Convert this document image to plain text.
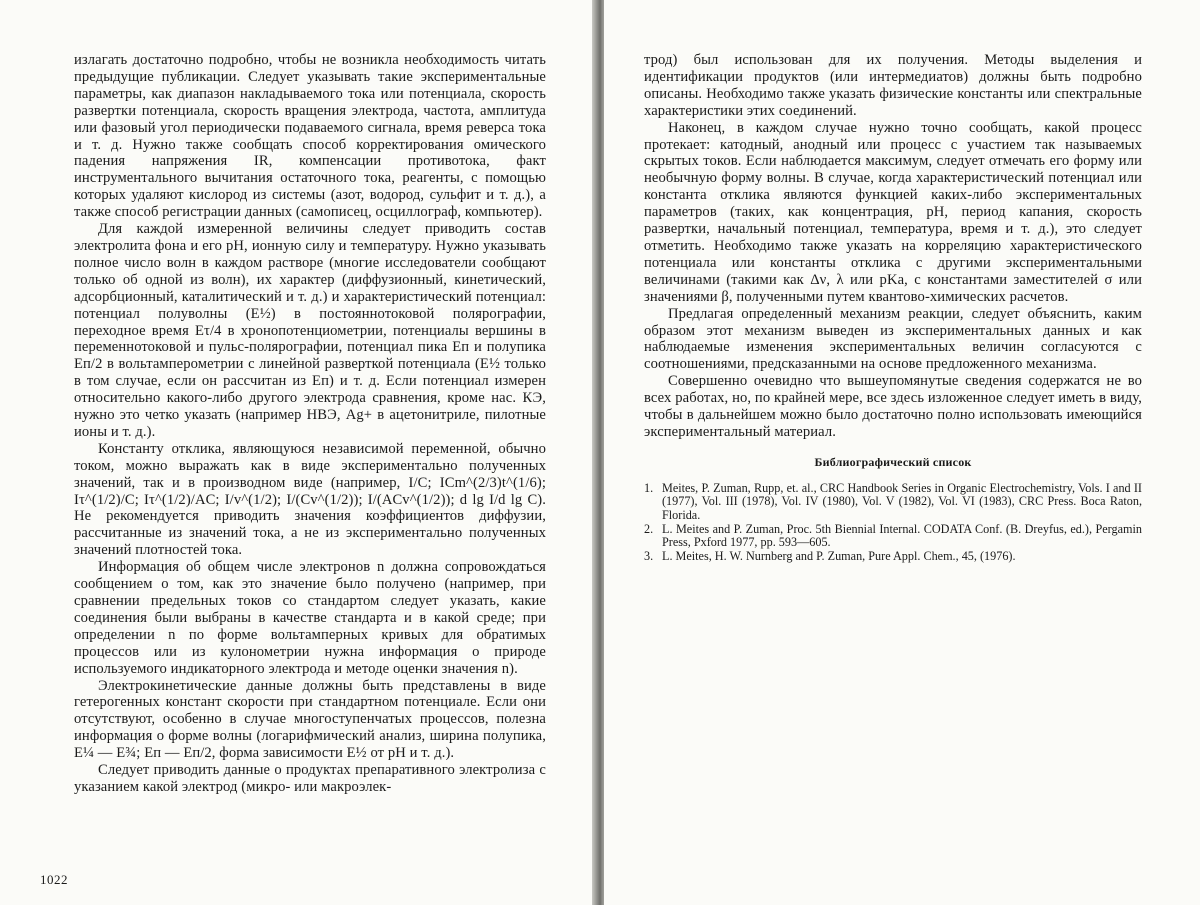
излагать достаточно подробно, чтобы не возникла необходимость читать предыдущие публикации. Следует указывать такие экспериментальные параметры, как диапазон накладываемого тока или потенциала, скорость развертки потенциала, скорость вращения электрода, частота, амплитуда или фазовый угол периодически подаваемого сигнала, время реверса тока и т. д. Нужно также сообщать способ корректирования омического падения напряжения IR, компенсации противотока, факт инструментального вычитания остаточного тока, реагенты, с помощью которых удаляют кислород из системы (азот, водород, сульфит и т. д.), а также способ регистрации данных (самописец, осциллограф, компьютер).

Для каждой измеренной величины следует приводить состав электролита фона и его pH, ионную силу и температуру. Нужно указывать полное число волн в каждом растворе (многие исследователи сообщают только об одной из волн), их характер (диффузионный, кинетический, адсорбционный, каталитический и т. д.) и характеристический потенциал: потенциал полуволны (E½) в постояннотоковой полярографии, переходное время Eτ/4 в хронопотенциометрии, потенциалы вершины в переменнотоковой и пульс-полярографии, потенциал пика Eп и полупика Eп/2 в вольтамперометрии с линейной разверткой потенциала (E½ только в том случае, если он рассчитан из Eп) и т. д. Если потенциал измерен относительно какого-либо другого электрода сравнения, кроме нас. КЭ, нужно это четко указать (например НВЭ, Ag+ в ацетонитриле, пилотные ионы и т. д.).

Константу отклика, являющуюся независимой переменной, обычно током, можно выражать как в виде экспериментально полученных значений, так и в производном виде (например, I/C; ICm^(2/3)t^(1/6); Iτ^(1/2)/C; Iτ^(1/2)/AC; I/v^(1/2); I/(Cv^(1/2)); I/(ACv^(1/2)); d lg I/d lg C). Не рекомендуется приводить значения коэффициентов диффузии, рассчитанные из значений тока, а не из экспериментально полученных значений плотностей тока.

Информация об общем числе электронов n должна сопровождаться сообщением о том, как это значение было получено (например, при сравнении предельных токов со стандартом следует указать, какие соединения были выбраны в качестве стандарта и в какой среде; при определении n по форме вольтамперных кривых для обратимых процессов или из кулонометрии нужна информация о природе используемого индикаторного электрода и методе оценки значения n).

Электрокинетические данные должны быть представлены в виде гетерогенных констант скорости при стандартном потенциале. Если они отсутствуют, особенно в случае многоступенчатых процессов, полезна информация о форме волны (логарифмический анализ, ширина полупика, E¼ — E¾; Eп — Eп/2, форма зависимости E½ от pH и т. д.).

Следует приводить данные о продуктах препаративного электролиза с указанием какой электрод (микро- или макроэлек-

1022

трод) был использован для их получения. Методы выделения и идентификации продуктов (или интермедиатов) должны быть подробно описаны. Необходимо также указать физические константы или спектральные характеристики этих соединений.

Наконец, в каждом случае нужно точно сообщать, какой процесс протекает: катодный, анодный или процесс с участием так называемых скрытых токов. Если наблюдается максимум, следует отмечать его форму или необычную форму волны. В случае, когда характеристический потенциал или константа отклика являются функцией каких-либо экспериментальных параметров (таких, как концентрация, pH, период капания, скорость развертки, начальный потенциал, температура, время и т. д.), это следует отметить. Необходимо также указать на корреляцию характеристического потенциала или константы отклика с другими экспериментальными величинами (такими как Δν, λ или pKa, с константами заместителей σ или значениями β, полученными путем квантово-химических расчетов.

Предлагая определенный механизм реакции, следует объяснить, каким образом этот механизм выведен из экспериментальных данных и как наблюдаемые изменения экспериментальных величин согласуются с соотношениями, предсказанными на основе предложенного механизма.

Совершенно очевидно что вышеупомянутые сведения содержатся не во всех работах, но, по крайней мере, все здесь изложенное следует иметь в виду, чтобы в дальнейшем можно было достаточно полно использовать имеющийся экспериментальный материал.

Библиографический список
1. Meites, P. Zuman, Rupp, et. al., CRC Handbook Series in Organic Electrochemistry, Vols. I and II (1977), Vol. III (1978), Vol. IV (1980), Vol. V (1982), Vol. VI (1983), CRC Press. Boca Raton, Florida.
2. L. Meites and P. Zuman, Proc. 5th Biennial Internal. CODATA Conf. (B. Dreyfus, ed.), Pergamin Press, Pxford 1977, pp. 593—605.
3. L. Meites, H. W. Nurnberg and P. Zuman, Pure Appl. Chem., 45, (1976).
